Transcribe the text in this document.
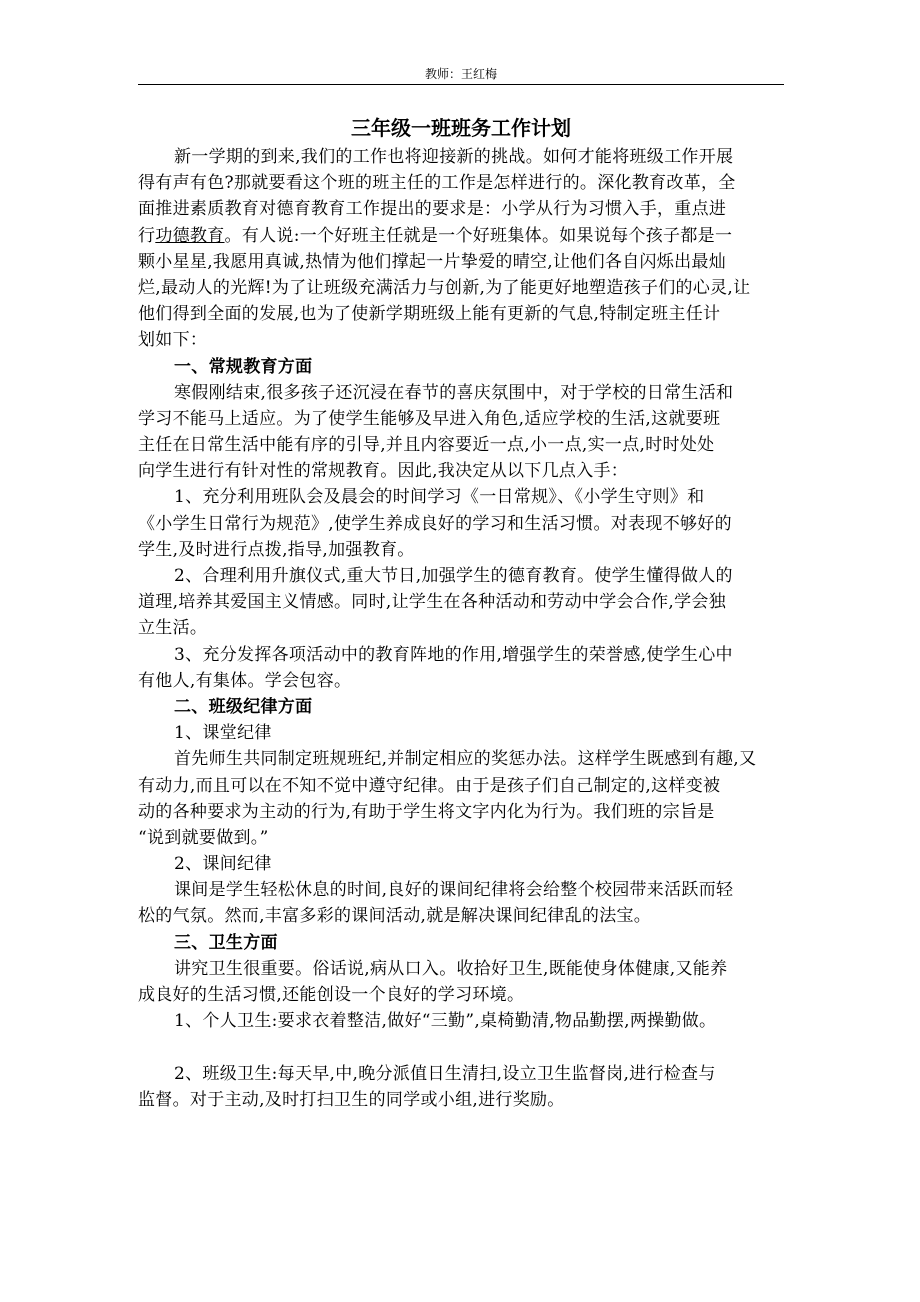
教师：王红梅
三年级一班班务工作计划
新一学期的到来,我们的工作也将迎接新的挑战。如何才能将班级工作开展
得有声有色?那就要看这个班的班主任的工作是怎样进行的。深化教育改革，全
面推进素质教育对德育教育工作提出的要求是：小学从行为习惯入手，重点进
行功德教育。有人说:一个好班主任就是一个好班集体。如果说每个孩子都是一
颗小星星,我愿用真诚,热情为他们撑起一片挚爱的晴空,让他们各自闪烁出最灿
烂,最动人的光辉!为了让班级充满活力与创新,为了能更好地塑造孩子们的心灵,让
他们得到全面的发展,也为了使新学期班级上能有更新的气息,特制定班主任计
划如下：
一、常规教育方面
寒假刚结束,很多孩子还沉浸在春节的喜庆氛围中，对于学校的日常生活和
学习不能马上适应。为了使学生能够及早进入角色,适应学校的生活,这就要班
主任在日常生活中能有序的引导,并且内容要近一点,小一点,实一点,时时处处
向学生进行有针对性的常规教育。因此,我决定从以下几点入手：
1、充分利用班队会及晨会的时间学习《一日常规》、《小学生守则》和
《小学生日常行为规范》,使学生养成良好的学习和生活习惯。对表现不够好的
学生,及时进行点拨,指导,加强教育。
2、合理利用升旗仪式,重大节日,加强学生的德育教育。使学生懂得做人的
道理,培养其爱国主义情感。同时,让学生在各种活动和劳动中学会合作,学会独
立生活。
3、充分发挥各项活动中的教育阵地的作用,增强学生的荣誉感,使学生心中
有他人,有集体。学会包容。
二、班级纪律方面
1、课堂纪律
首先师生共同制定班规班纪,并制定相应的奖惩办法。这样学生既感到有趣,又
有动力,而且可以在不知不觉中遵守纪律。由于是孩子们自己制定的,这样变被
动的各种要求为主动的行为,有助于学生将文字内化为行为。我们班的宗旨是
“说到就要做到。”
2、课间纪律
课间是学生轻松休息的时间,良好的课间纪律将会给整个校园带来活跃而轻
松的气氛。然而,丰富多彩的课间活动,就是解决课间纪律乱的法宝。
三、卫生方面
讲究卫生很重要。俗话说,病从口入。收拾好卫生,既能使身体健康,又能养
成良好的生活习惯,还能创设一个良好的学习环境。
1、个人卫生:要求衣着整洁,做好“三勤”,桌椅勤清,物品勤摆,两操勤做。
2、班级卫生:每天早,中,晚分派值日生清扫,设立卫生监督岗,进行检查与
监督。对于主动,及时打扫卫生的同学或小组,进行奖励。
